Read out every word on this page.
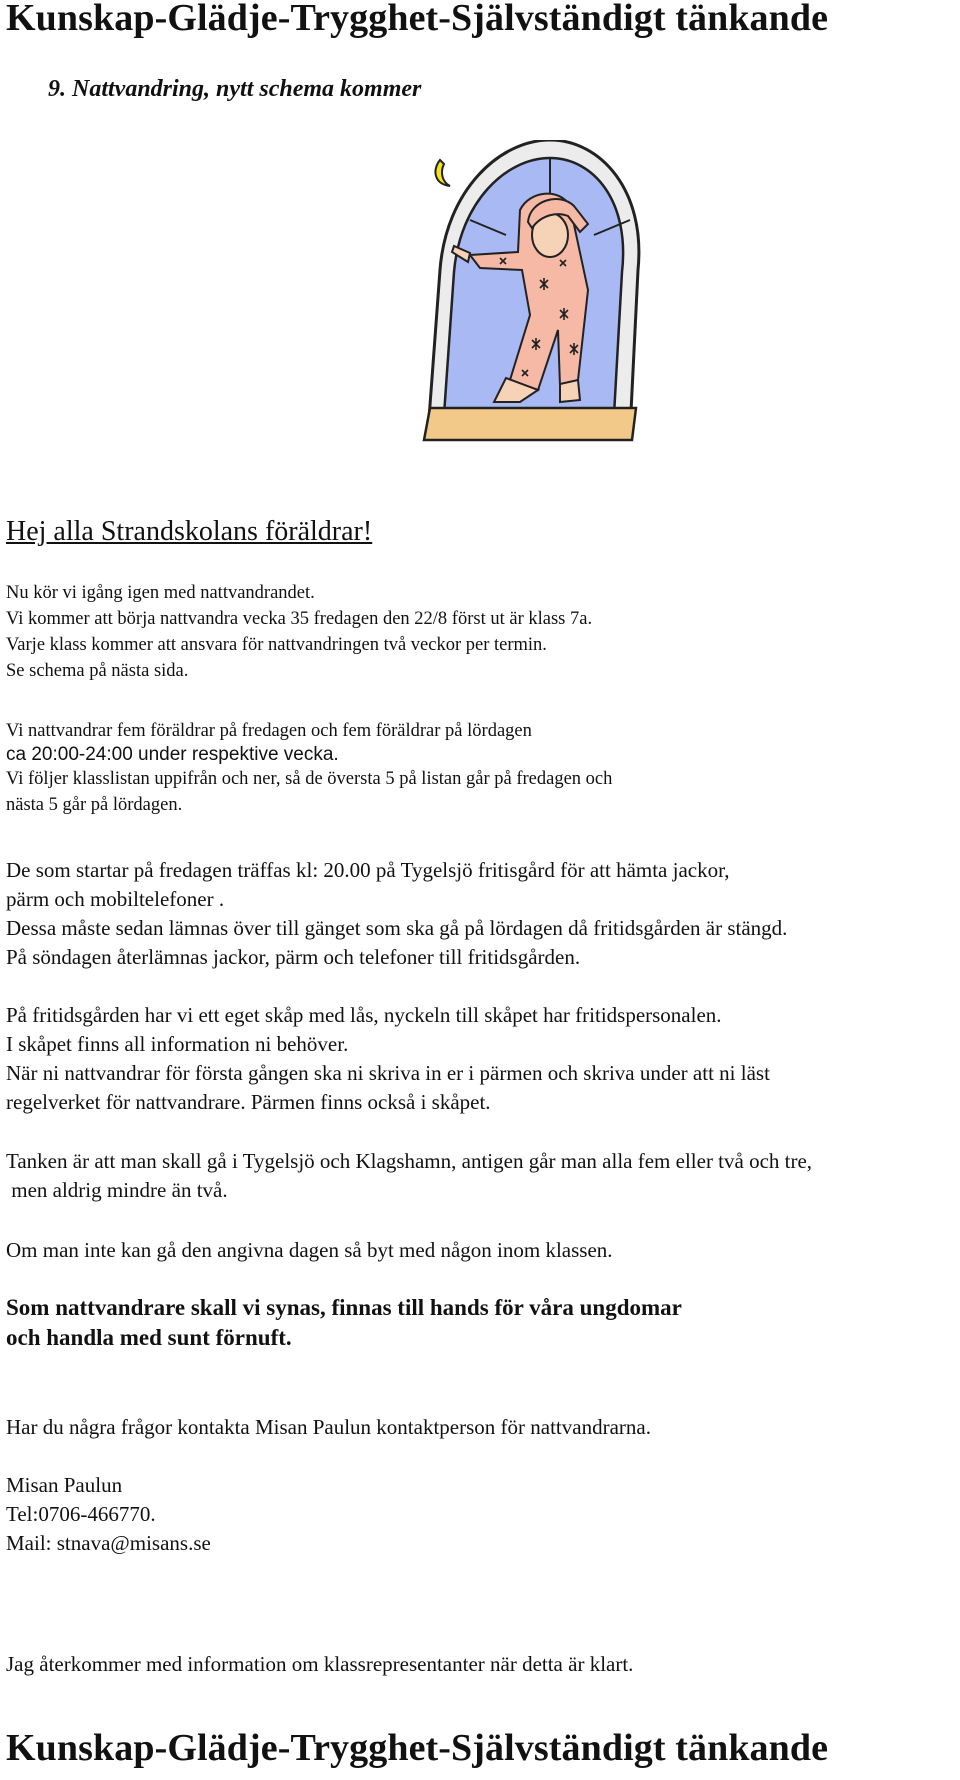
Kunskap-Glädje-Trygghet-Självständigt tänkande
9. Nattvandring, nytt schema kommer
Hej alla Strandskolans föräldrar!
Nu kör vi igång igen med nattvandrandet.
Vi kommer att börja nattvandra vecka 35 fredagen den 22/8 först ut är klass 7a.
Varje klass kommer att ansvara för nattvandringen två veckor per termin.
Se schema på nästa sida.
Vi nattvandrar fem föräldrar på fredagen och fem föräldrar på lördagen
ca 20:00-24:00 under respektive vecka.
Vi följer klasslistan uppifrån och ner, så de översta 5 på listan går på fredagen och
nästa 5 går på lördagen.
De som startar på fredagen träffas kl: 20.00 på Tygelsjö fritisgård för att hämta jackor,
pärm och mobiltelefoner .
Dessa måste sedan lämnas över till gänget som ska gå på lördagen då fritidsgården är stängd.
På söndagen återlämnas jackor, pärm och telefoner till fritidsgården.
På fritidsgården har vi ett eget skåp med lås, nyckeln till skåpet har fritidspersonalen.
I skåpet finns all information ni behöver.
När ni nattvandrar för första gången ska ni skriva in er i pärmen och skriva under att ni läst
regelverket för nattvandrare. Pärmen finns också i skåpet.
Tanken är att man skall gå i Tygelsjö och Klagshamn, antigen går man alla fem eller två och tre,
men aldrig mindre än två.
Om man inte kan gå den angivna dagen så byt med någon inom klassen.
Som nattvandrare skall vi synas, finnas till hands för våra ungdomar
och handla med sunt förnuft.
Har du några frågor kontakta Misan Paulun kontaktperson för nattvandrarna.
Misan Paulun
Tel:0706-466770.
Mail: stnava@misans.se
Jag återkommer med information om klassrepresentanter när detta är klart.
Kunskap-Glädje-Trygghet-Självständigt tänkande
